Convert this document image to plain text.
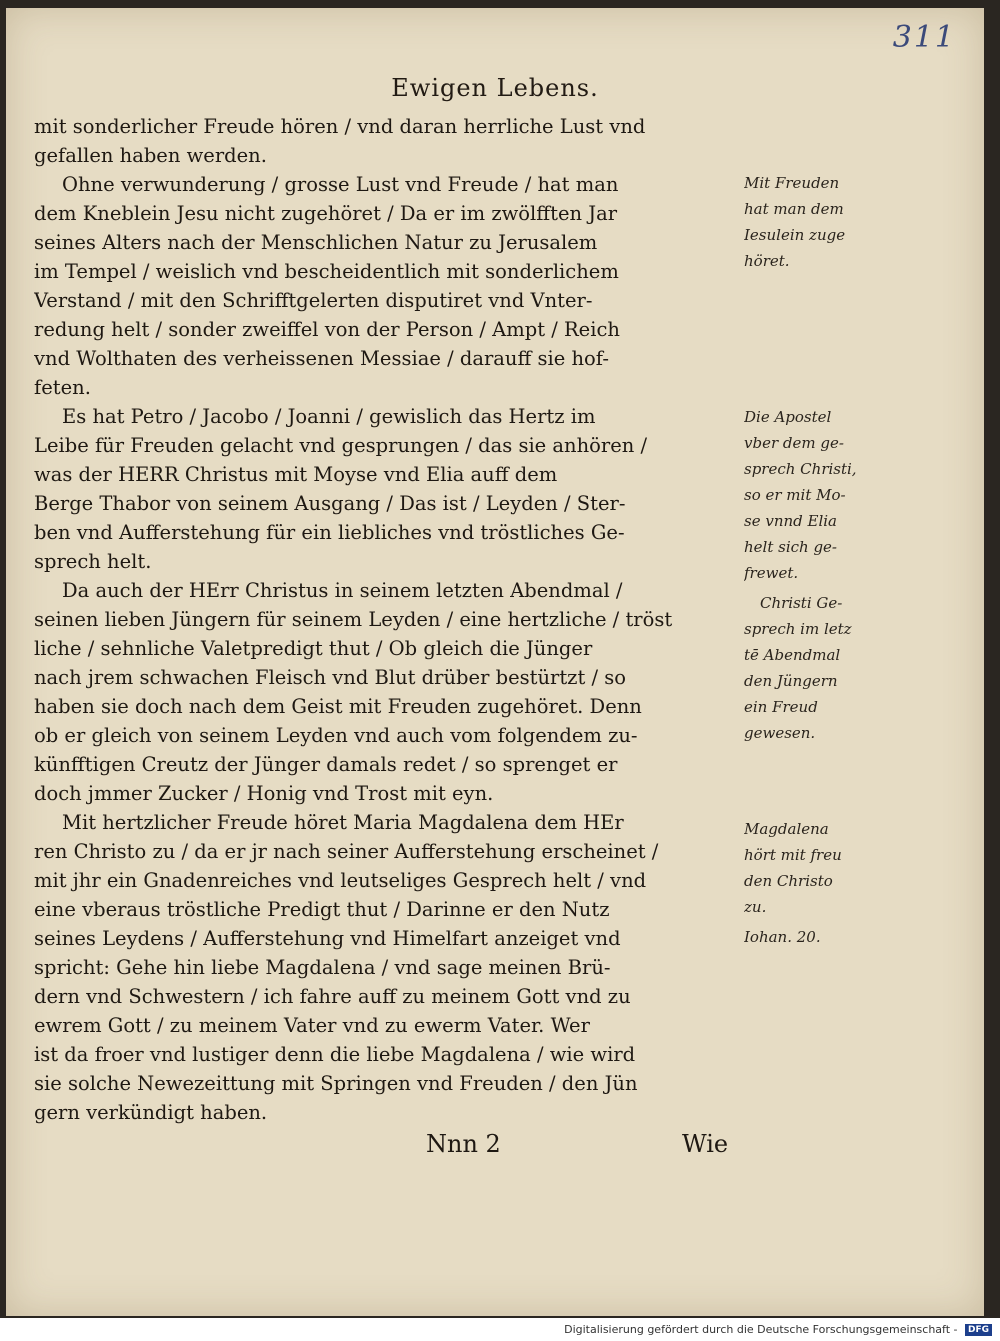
311
Ewigen Lebens.
mit sonderlicher Freude hören / vnd daran herrliche Lust vnd
gefallen haben werden.
Ohne verwunderung / grosse Lust vnd Freude / hat man
dem Kneblein Jesu nicht zugehöret / Da er im zwölfften Jar
seines Alters nach der Menschlichen Natur zu Jerusalem
im Tempel / weislich vnd bescheidentlich mit sonderlichem
Verstand / mit den Schrifftgelerten disputiret vnd Vnter-
redung helt / sonder zweiffel von der Person / Ampt / Reich
vnd Wolthaten des verheissenen Messiae / darauff sie hof-
feten.
Es hat Petro / Jacobo / Joanni / gewislich das Hertz im
Leibe für Freuden gelacht vnd gesprungen / das sie anhören /
was der HERR Christus mit Moyse vnd Elia auff dem
Berge Thabor von seinem Ausgang / Das ist / Leyden / Ster-
ben vnd Aufferstehung für ein liebliches vnd tröstliches Ge-
sprech helt.
Da auch der HErr Christus in seinem letzten Abendmal /
seinen lieben Jüngern für seinem Leyden / eine hertzliche / tröst
liche / sehnliche Valetpredigt thut / Ob gleich die Jünger
nach jrem schwachen Fleisch vnd Blut drüber bestürtzt / so
haben sie doch nach dem Geist mit Freuden zugehöret. Denn
ob er gleich von seinem Leyden vnd auch vom folgendem zu-
künfftigen Creutz der Jünger damals redet / so sprenget er
doch jmmer Zucker / Honig vnd Trost mit eyn.
Mit hertzlicher Freude höret Maria Magdalena dem HEr
ren Christo zu / da er jr nach seiner Aufferstehung erscheinet /
mit jhr ein Gnadenreiches vnd leutseliges Gesprech helt / vnd
eine vberaus tröstliche Predigt thut / Darinne er den Nutz
seines Leydens / Aufferstehung vnd Himelfart anzeiget vnd
spricht: Gehe hin liebe Magdalena / vnd sage meinen Brü-
dern vnd Schwestern / ich fahre auff zu meinem Gott vnd zu
ewrem Gott / zu meinem Vater vnd zu ewerm Vater. Wer
ist da froer vnd lustiger denn die liebe Magdalena / wie wird
sie solche Newezeittung mit Springen vnd Freuden / den Jün
gern verkündigt haben.
Mit Freuden
hat man dem
Iesulein zuge
höret.
Die Apostel
vber dem ge-
sprech Christi,
so er mit Mo-
se vnnd Elia
helt sich ge-
frewet.
Christi Ge-
sprech im letz
tē Abendmal
den Jüngern
ein Freud
gewesen.
Magdalena
hört mit freu
den Christo
zu.
Iohan. 20.
Nnn 2	Wie
Digitalisierung gefördert durch die Deutsche Forschungsgemeinschaft - DFG
